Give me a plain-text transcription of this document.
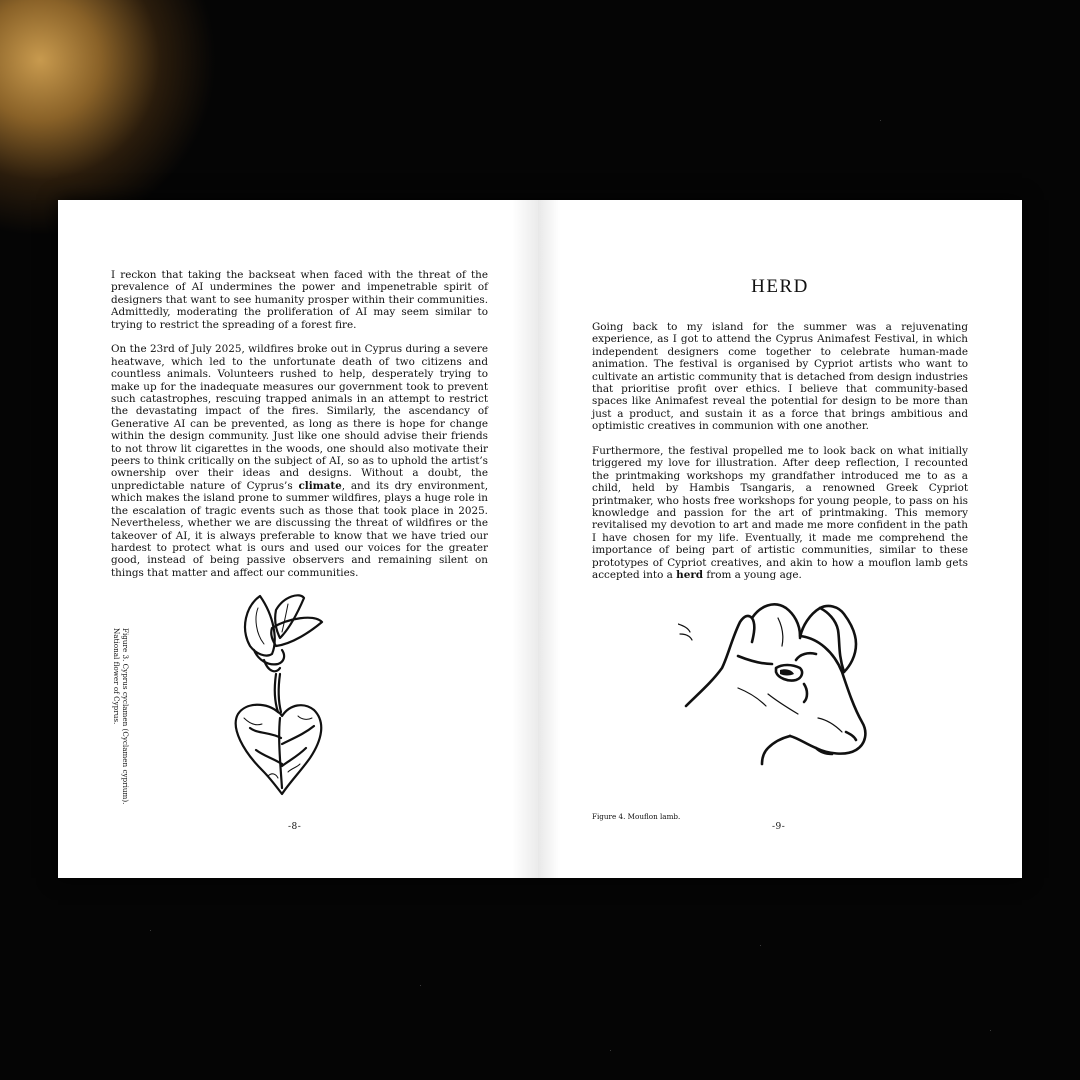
I reckon that taking the backseat when faced with the threat of the prevalence of AI undermines the power and impenetrable spirit of designers that want to see humanity prosper within their communities. Admittedly, moderating the proliferation of AI may seem similar to trying to restrict the spreading of a forest fire.

On the 23rd of July 2025, wildfires broke out in Cyprus during a severe heatwave, which led to the unfortunate death of two citizens and countless animals. Volunteers rushed to help, desperately trying to make up for the inadequate measures our government took to prevent such catastrophes, rescuing trapped animals in an attempt to restrict the devastating impact of the fires. Similarly, the ascendancy of Generative AI can be prevented, as long as there is hope for change within the design community. Just like one should advise their friends to not throw lit cigarettes in the woods, one should also motivate their peers to think critically on the subject of AI, so as to uphold the artist’s ownership over their ideas and designs. Without a doubt, the unpredictable nature of Cyprus’s climate, and its dry environment, which makes the island prone to summer wildfires, plays a huge role in the escalation of tragic events such as those that took place in 2025. Nevertheless, whether we are discussing the threat of wildfires or the takeover of AI, it is always preferable to know that we have tried our hardest to protect what is ours and used our voices for the greater good, instead of being passive observers and remaining silent on things that matter and affect our communities.

Figure 3. Cyprus cyclamen (Cyclamen cyprium).
National flower of Cyprus.
-8-
HERD

Going back to my island for the summer was a rejuvenating experience, as I got to attend the Cyprus Animafest Festival, in which independent designers come together to celebrate human-made animation. The festival is organised by Cypriot artists who want to cultivate an artistic community that is detached from design industries that prioritise profit over ethics. I believe that community-based spaces like Animafest reveal the potential for design to be more than just a product, and sustain it as a force that brings ambitious and optimistic creatives in communion with one another.

Furthermore, the festival propelled me to look back on what initially triggered my love for illustration. After deep reflection, I recounted the printmaking workshops my grandfather introduced me to as a child, held by Hambis Tsangaris, a renowned Greek Cypriot printmaker, who hosts free workshops for young people, to pass on his knowledge and passion for the art of printmaking. This memory revitalised my devotion to art and made me more confident in the path I have chosen for my life. Eventually, it made me comprehend the importance of being part of artistic communities, similar to these prototypes of Cypriot creatives, and akin to how a mouflon lamb gets accepted into a herd from a young age.

Figure 4. Mouflon lamb.
-9-
